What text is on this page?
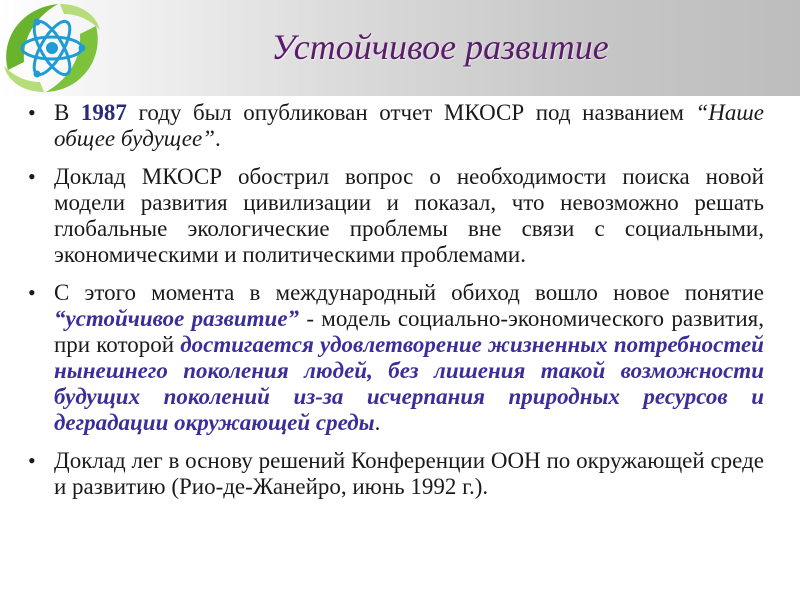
Устойчивое развитие
• В 1987 году был опубликован отчет МКОСР под названием “Наше общее будущее”.
• Доклад МКОСР обострил вопрос о необходимости поиска новой модели развития цивилизации и показал, что невозможно решать глобальные экологические проблемы вне связи с социальными, экономическими и политическими проблемами.
• С этого момента в международный обиход вошло новое понятие “устойчивое развитие” - модель социально-экономического развития, при которой достигается удовлетворение жизненных потребностей нынешнего поколения людей, без лишения такой возможности будущих поколений из-за исчерпания природных ресурсов и деградации окружающей среды.
• Доклад лег в основу решений Конференции ООН по окружающей среде и развитию (Рио-де-Жанейро, июнь 1992 г.).
